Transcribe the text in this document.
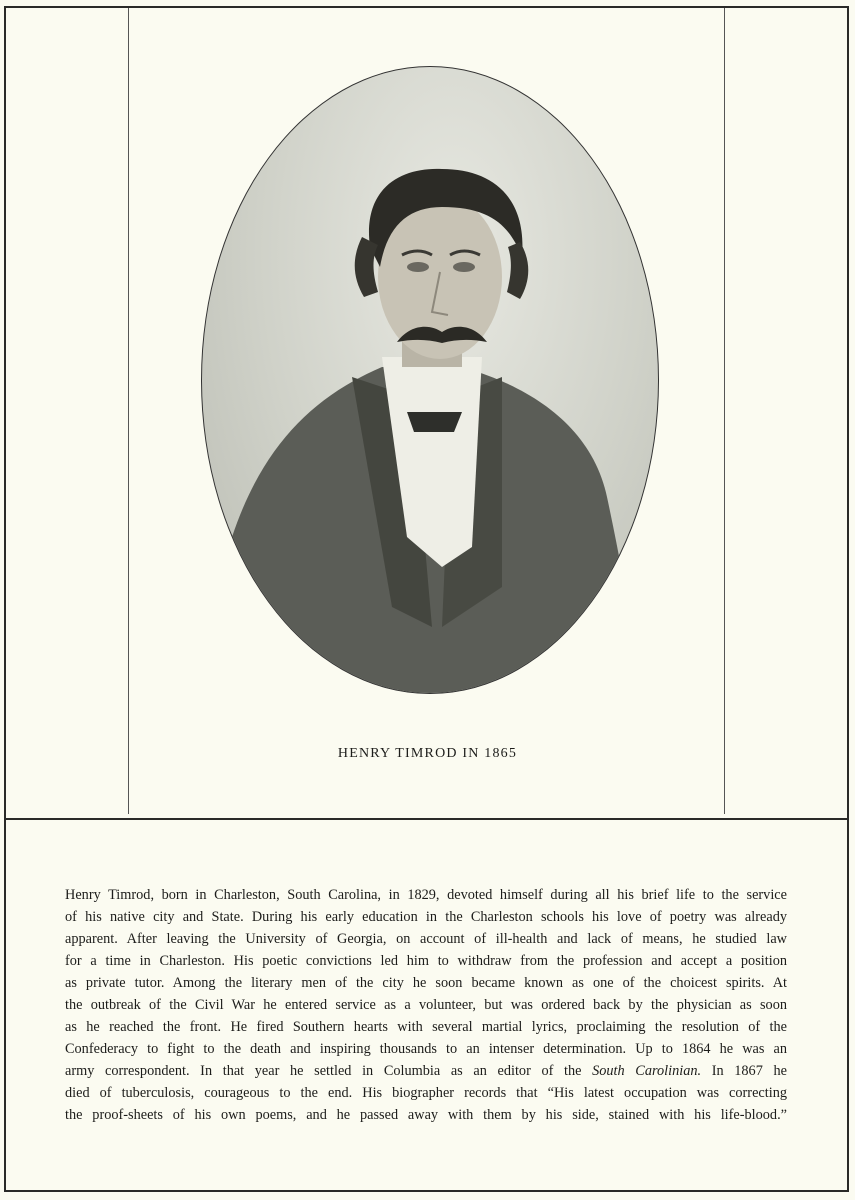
HENRY TIMROD IN 1865

Henry Timrod, born in Charleston, South Carolina, in 1829, devoted himself during all his brief life to the service
of his native city and State. During his early education in the Charleston schools his love of poetry was already
apparent. After leaving the University of Georgia, on account of ill-health and lack of means, he studied law
for a time in Charleston. His poetic convictions led him to withdraw from the profession and accept a position
as private tutor. Among the literary men of the city he soon became known as one of the choicest spirits. At
the outbreak of the Civil War he entered service as a volunteer, but was ordered back by the physician as soon
as he reached the front. He fired Southern hearts with several martial lyrics, proclaiming the resolution of the
Confederacy to fight to the death and inspiring thousands to an intenser determination. Up to 1864 he was an
army correspondent. In that year he settled in Columbia as an editor of the South Carolinian. In 1867 he
died of tuberculosis, courageous to the end. His biographer records that “His latest occupation was correcting
the proof-sheets of his own poems, and he passed away with them by his side, stained with his life-blood.”
